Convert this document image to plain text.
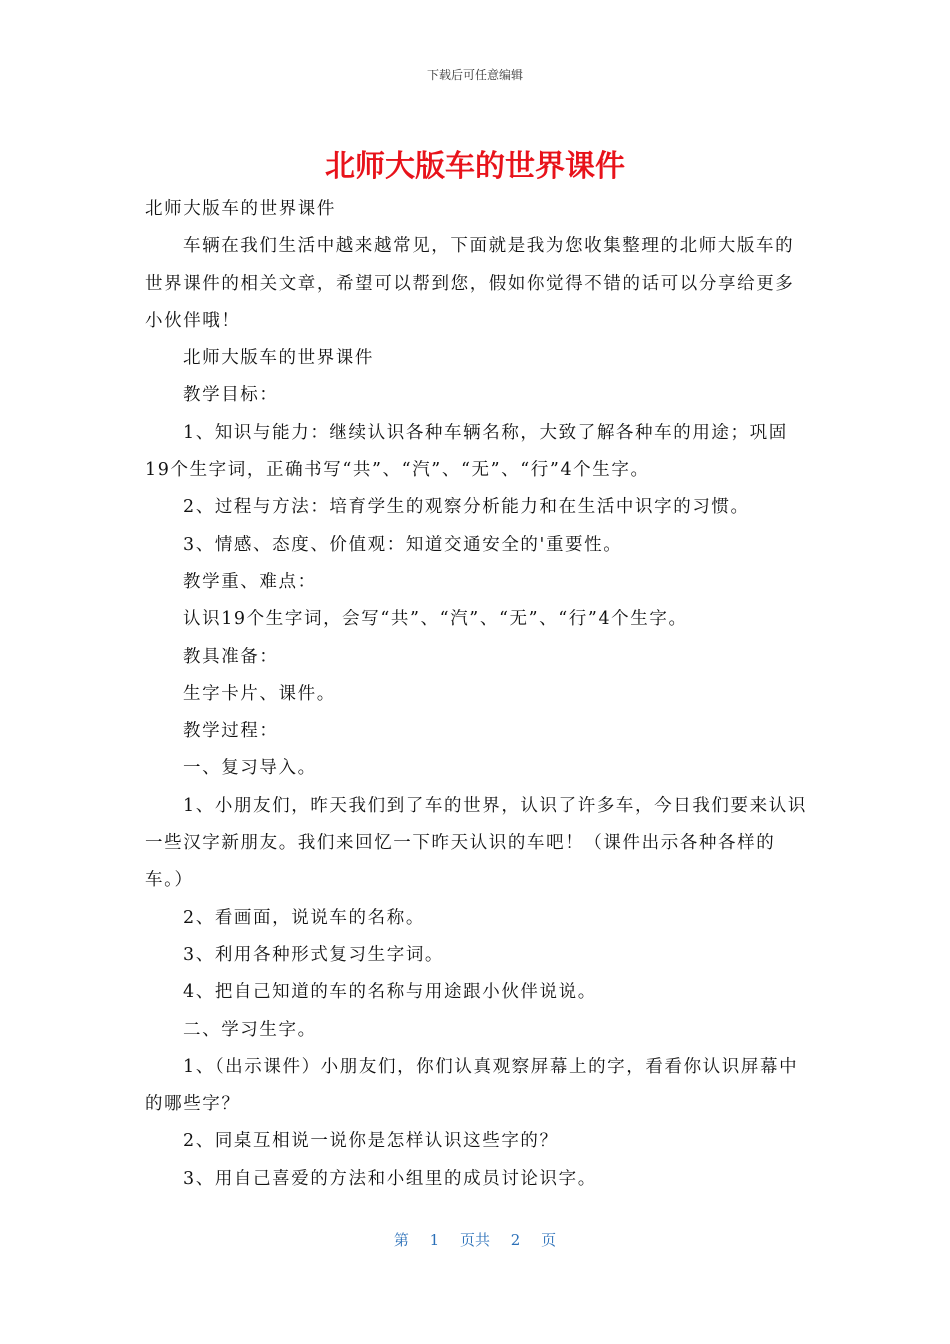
下载后可任意编辑
北师大版车的世界课件

北师大版车的世界课件

车辆在我们生活中越来越常见，下面就是我为您收集整理的北师大版车的

世界课件的相关文章，希望可以帮到您，假如你觉得不错的话可以分享给更多

小伙伴哦！

北师大版车的世界课件

教学目标：

1、知识与能力：继续认识各种车辆名称，大致了解各种车的用途；巩固

19个生字词，正确书写“共”、“汽”、“无”、“行”4个生字。

2、过程与方法：培育学生的观察分析能力和在生活中识字的习惯。

3、情感、态度、价值观：知道交通安全的'重要性。

教学重、难点：

认识19个生字词，会写“共”、“汽”、“无”、“行”4个生字。

教具准备：

生字卡片、课件。

教学过程：

一、复习导入。

1、小朋友们，昨天我们到了车的世界，认识了许多车，今日我们要来认识

一些汉字新朋友。我们来回忆一下昨天认识的车吧！（课件出示各种各样的

车。）

2、看画面，说说车的名称。

3、利用各种形式复习生字词。

4、把自己知道的车的名称与用途跟小伙伴说说。

二、学习生字。

1、（出示课件）小朋友们，你们认真观察屏幕上的字，看看你认识屏幕中

的哪些字？

2、同桌互相说一说你是怎样认识这些字的？

3、用自己喜爱的方法和小组里的成员讨论识字。

第 1 页共 2 页
